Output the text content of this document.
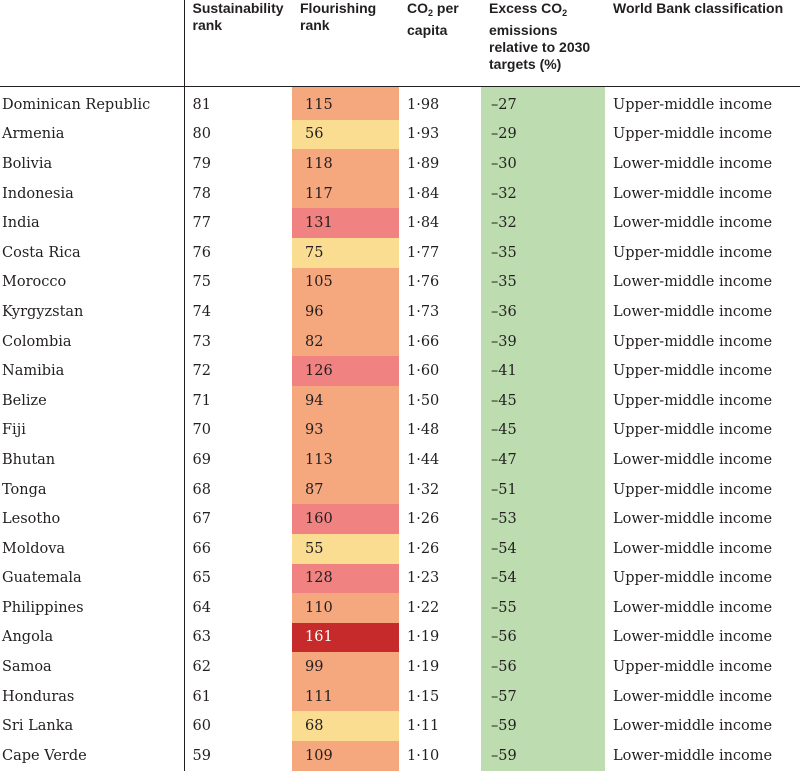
	Sustainability rank	Flourishing rank	$CO_2$ per capita	Excess $CO_2$ emissions relative to 2030 targets (%)	World Bank classification
Dominican Republic	81	115	1·98	–27	Upper-middle income
Armenia	80	56	1·93	–29	Upper-middle income
Bolivia	79	118	1·89	–30	Lower-middle income
Indonesia	78	117	1·84	–32	Lower-middle income
India	77	131	1·84	–32	Lower-middle income
Costa Rica	76	75	1·77	–35	Upper-middle income
Morocco	75	105	1·76	–35	Lower-middle income
Kyrgyzstan	74	96	1·73	–36	Lower-middle income
Colombia	73	82	1·66	–39	Upper-middle income
Namibia	72	126	1·60	–41	Upper-middle income
Belize	71	94	1·50	–45	Upper-middle income
Fiji	70	93	1·48	–45	Upper-middle income
Bhutan	69	113	1·44	–47	Lower-middle income
Tonga	68	87	1·32	–51	Upper-middle income
Lesotho	67	160	1·26	–53	Lower-middle income
Moldova	66	55	1·26	–54	Lower-middle income
Guatemala	65	128	1·23	–54	Upper-middle income
Philippines	64	110	1·22	–55	Lower-middle income
Angola	63	161	1·19	–56	Lower-middle income
Samoa	62	99	1·19	–56	Upper-middle income
Honduras	61	111	1·15	–57	Lower-middle income
Sri Lanka	60	68	1·11	–59	Lower-middle income
Cape Verde	59	109	1·10	–59	Lower-middle income
